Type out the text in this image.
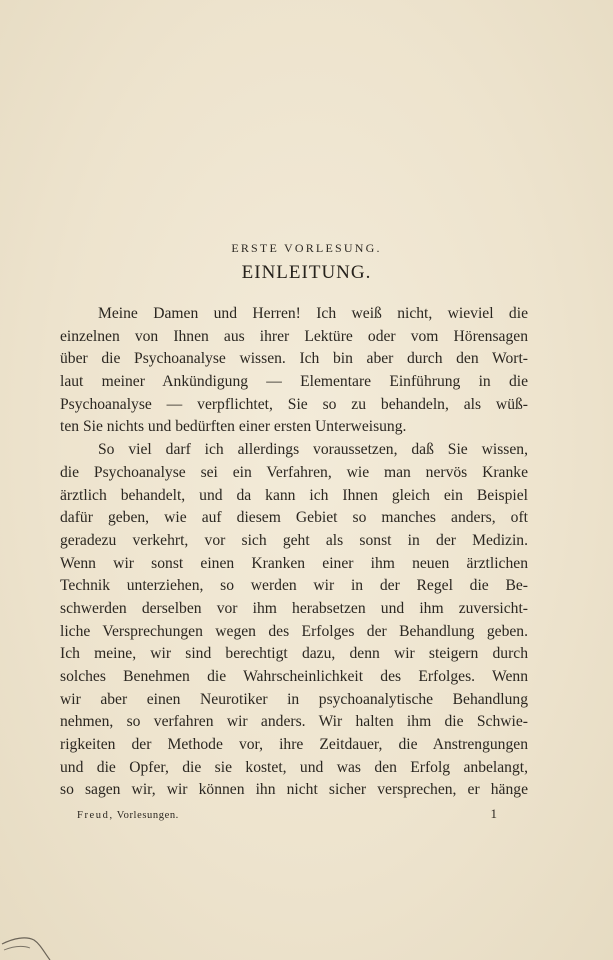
ERSTE VORLESUNG.
EINLEITUNG.
Meine Damen und Herren! Ich weiß nicht, wieviel die
einzelnen von Ihnen aus ihrer Lektüre oder vom Hörensagen
über die Psychoanalyse wissen. Ich bin aber durch den Wort-
laut meiner Ankündigung — Elementare Einführung in die
Psychoanalyse — verpflichtet, Sie so zu behandeln, als wüß-
ten Sie nichts und bedürften einer ersten Unterweisung.
So viel darf ich allerdings voraussetzen, daß Sie wissen,
die Psychoanalyse sei ein Verfahren, wie man nervös Kranke
ärztlich behandelt, und da kann ich Ihnen gleich ein Beispiel
dafür geben, wie auf diesem Gebiet so manches anders, oft
geradezu verkehrt, vor sich geht als sonst in der Medizin.
Wenn wir sonst einen Kranken einer ihm neuen ärztlichen
Technik unterziehen, so werden wir in der Regel die Be-
schwerden derselben vor ihm herabsetzen und ihm zuversicht-
liche Versprechungen wegen des Erfolges der Behandlung geben.
Ich meine, wir sind berechtigt dazu, denn wir steigern durch
solches Benehmen die Wahrscheinlichkeit des Erfolges. Wenn
wir aber einen Neurotiker in psychoanalytische Behandlung
nehmen, so verfahren wir anders. Wir halten ihm die Schwie-
rigkeiten der Methode vor, ihre Zeitdauer, die Anstrengungen
und die Opfer, die sie kostet, und was den Erfolg anbelangt,
so sagen wir, wir können ihn nicht sicher versprechen, er hänge
Freud, Vorlesungen.	1
